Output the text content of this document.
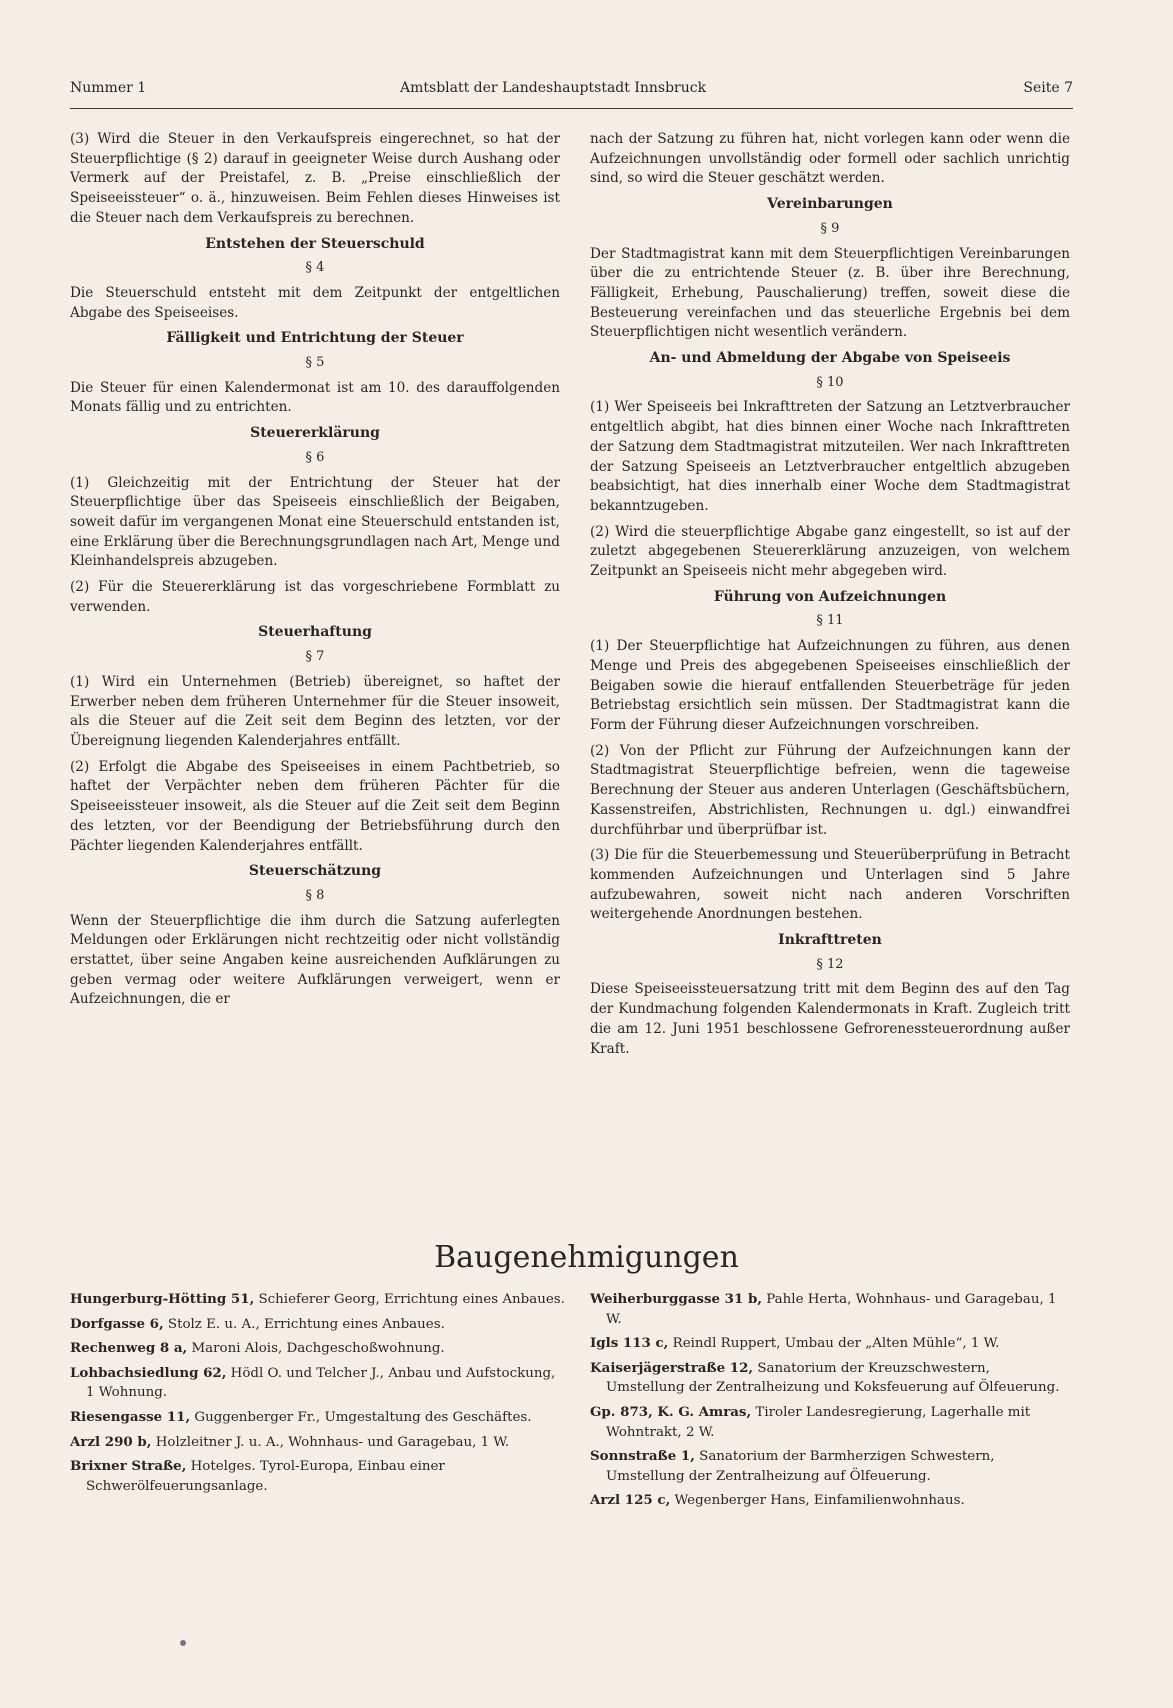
Nummer 1	Amtsblatt der Landeshauptstadt Innsbruck	Seite 7

(3) Wird die Steuer in den Verkaufspreis eingerechnet, so hat der Steuerpflichtige (§ 2) darauf in geeigneter Weise durch Aushang oder Vermerk auf der Preistafel, z. B. „Preise einschließlich der Speiseeissteuer“ o. ä., hinzuweisen. Beim Fehlen dieses Hinweises ist die Steuer nach dem Verkaufspreis zu berechnen.

Entstehen der Steuerschuld
§ 4

Die Steuerschuld entsteht mit dem Zeitpunkt der entgeltlichen Abgabe des Speiseeises.

Fälligkeit und Entrichtung der Steuer
§ 5

Die Steuer für einen Kalendermonat ist am 10. des darauffolgenden Monats fällig und zu entrichten.

Steuererklärung
§ 6

(1) Gleichzeitig mit der Entrichtung der Steuer hat der Steuerpflichtige über das Speiseeis einschließlich der Beigaben, soweit dafür im vergangenen Monat eine Steuerschuld entstanden ist, eine Erklärung über die Berechnungsgrundlagen nach Art, Menge und Kleinhandelspreis abzugeben.

(2) Für die Steuererklärung ist das vorgeschriebene Formblatt zu verwenden.

Steuerhaftung
§ 7

(1) Wird ein Unternehmen (Betrieb) übereignet, so haftet der Erwerber neben dem früheren Unternehmer für die Steuer insoweit, als die Steuer auf die Zeit seit dem Beginn des letzten, vor der Übereignung liegenden Kalenderjahres entfällt.

(2) Erfolgt die Abgabe des Speiseeises in einem Pachtbetrieb, so haftet der Verpächter neben dem früheren Pächter für die Speiseeissteuer insoweit, als die Steuer auf die Zeit seit dem Beginn des letzten, vor der Beendigung der Betriebsführung durch den Pächter liegenden Kalenderjahres entfällt.

Steuerschätzung
§ 8

Wenn der Steuerpflichtige die ihm durch die Satzung auferlegten Meldungen oder Erklärungen nicht rechtzeitig oder nicht vollständig erstattet, über seine Angaben keine ausreichenden Aufklärungen zu geben vermag oder weitere Aufklärungen verweigert, wenn er Aufzeichnungen, die er

nach der Satzung zu führen hat, nicht vorlegen kann oder wenn die Aufzeichnungen unvollständig oder formell oder sachlich unrichtig sind, so wird die Steuer geschätzt werden.

Vereinbarungen
§ 9

Der Stadtmagistrat kann mit dem Steuerpflichtigen Vereinbarungen über die zu entrichtende Steuer (z. B. über ihre Berechnung, Fälligkeit, Erhebung, Pauschalierung) treffen, soweit diese die Besteuerung vereinfachen und das steuerliche Ergebnis bei dem Steuerpflichtigen nicht wesentlich verändern.

An- und Abmeldung der Abgabe von Speiseeis
§ 10

(1) Wer Speiseeis bei Inkrafttreten der Satzung an Letztverbraucher entgeltlich abgibt, hat dies binnen einer Woche nach Inkrafttreten der Satzung dem Stadtmagistrat mitzuteilen. Wer nach Inkrafttreten der Satzung Speiseeis an Letztverbraucher entgeltlich abzugeben beabsichtigt, hat dies innerhalb einer Woche dem Stadtmagistrat bekanntzugeben.

(2) Wird die steuerpflichtige Abgabe ganz eingestellt, so ist auf der zuletzt abgegebenen Steuererklärung anzuzeigen, von welchem Zeitpunkt an Speiseeis nicht mehr abgegeben wird.

Führung von Aufzeichnungen
§ 11

(1) Der Steuerpflichtige hat Aufzeichnungen zu führen, aus denen Menge und Preis des abgegebenen Speiseeises einschließlich der Beigaben sowie die hierauf entfallenden Steuerbeträge für jeden Betriebstag ersichtlich sein müssen. Der Stadtmagistrat kann die Form der Führung dieser Aufzeichnungen vorschreiben.

(2) Von der Pflicht zur Führung der Aufzeichnungen kann der Stadtmagistrat Steuerpflichtige befreien, wenn die tageweise Berechnung der Steuer aus anderen Unterlagen (Geschäftsbüchern, Kassenstreifen, Abstrichlisten, Rechnungen u. dgl.) einwandfrei durchführbar und überprüfbar ist.

(3) Die für die Steuerbemessung und Steuerüberprüfung in Betracht kommenden Aufzeichnungen und Unterlagen sind 5 Jahre aufzubewahren, soweit nicht nach anderen Vorschriften weitergehende Anordnungen bestehen.

Inkrafttreten
§ 12

Diese Speiseeissteuersatzung tritt mit dem Beginn des auf den Tag der Kundmachung folgenden Kalendermonats in Kraft. Zugleich tritt die am 12. Juni 1951 beschlossene Gefrorenessteuerordnung außer Kraft.

Baugenehmigungen
Hungerburg-Hötting 51, Schieferer Georg, Errichtung eines Anbaues.
Dorfgasse 6, Stolz E. u. A., Errichtung eines Anbaues.
Rechenweg 8 a, Maroni Alois, Dachgeschoßwohnung.
Lohbachsiedlung 62, Hödl O. und Telcher J., Anbau und Aufstockung, 1 Wohnung.
Riesengasse 11, Guggenberger Fr., Umgestaltung des Geschäftes.
Arzl 290 b, Holzleitner J. u. A., Wohnhaus- und Garagebau, 1 W.
Brixner Straße, Hotelges. Tyrol-Europa, Einbau einer Schwerölfeuerungsanlage.
Weiherburggasse 31 b, Pahle Herta, Wohnhaus- und Garagebau, 1 W.
Igls 113 c, Reindl Ruppert, Umbau der „Alten Mühle“, 1 W.
Kaiserjägerstraße 12, Sanatorium der Kreuzschwestern, Umstellung der Zentralheizung und Koksfeuerung auf Ölfeuerung.
Gp. 873, K. G. Amras, Tiroler Landesregierung, Lagerhalle mit Wohntrakt, 2 W.
Sonnstraße 1, Sanatorium der Barmherzigen Schwestern, Umstellung der Zentralheizung auf Ölfeuerung.
Arzl 125 c, Wegenberger Hans, Einfamilienwohnhaus.
